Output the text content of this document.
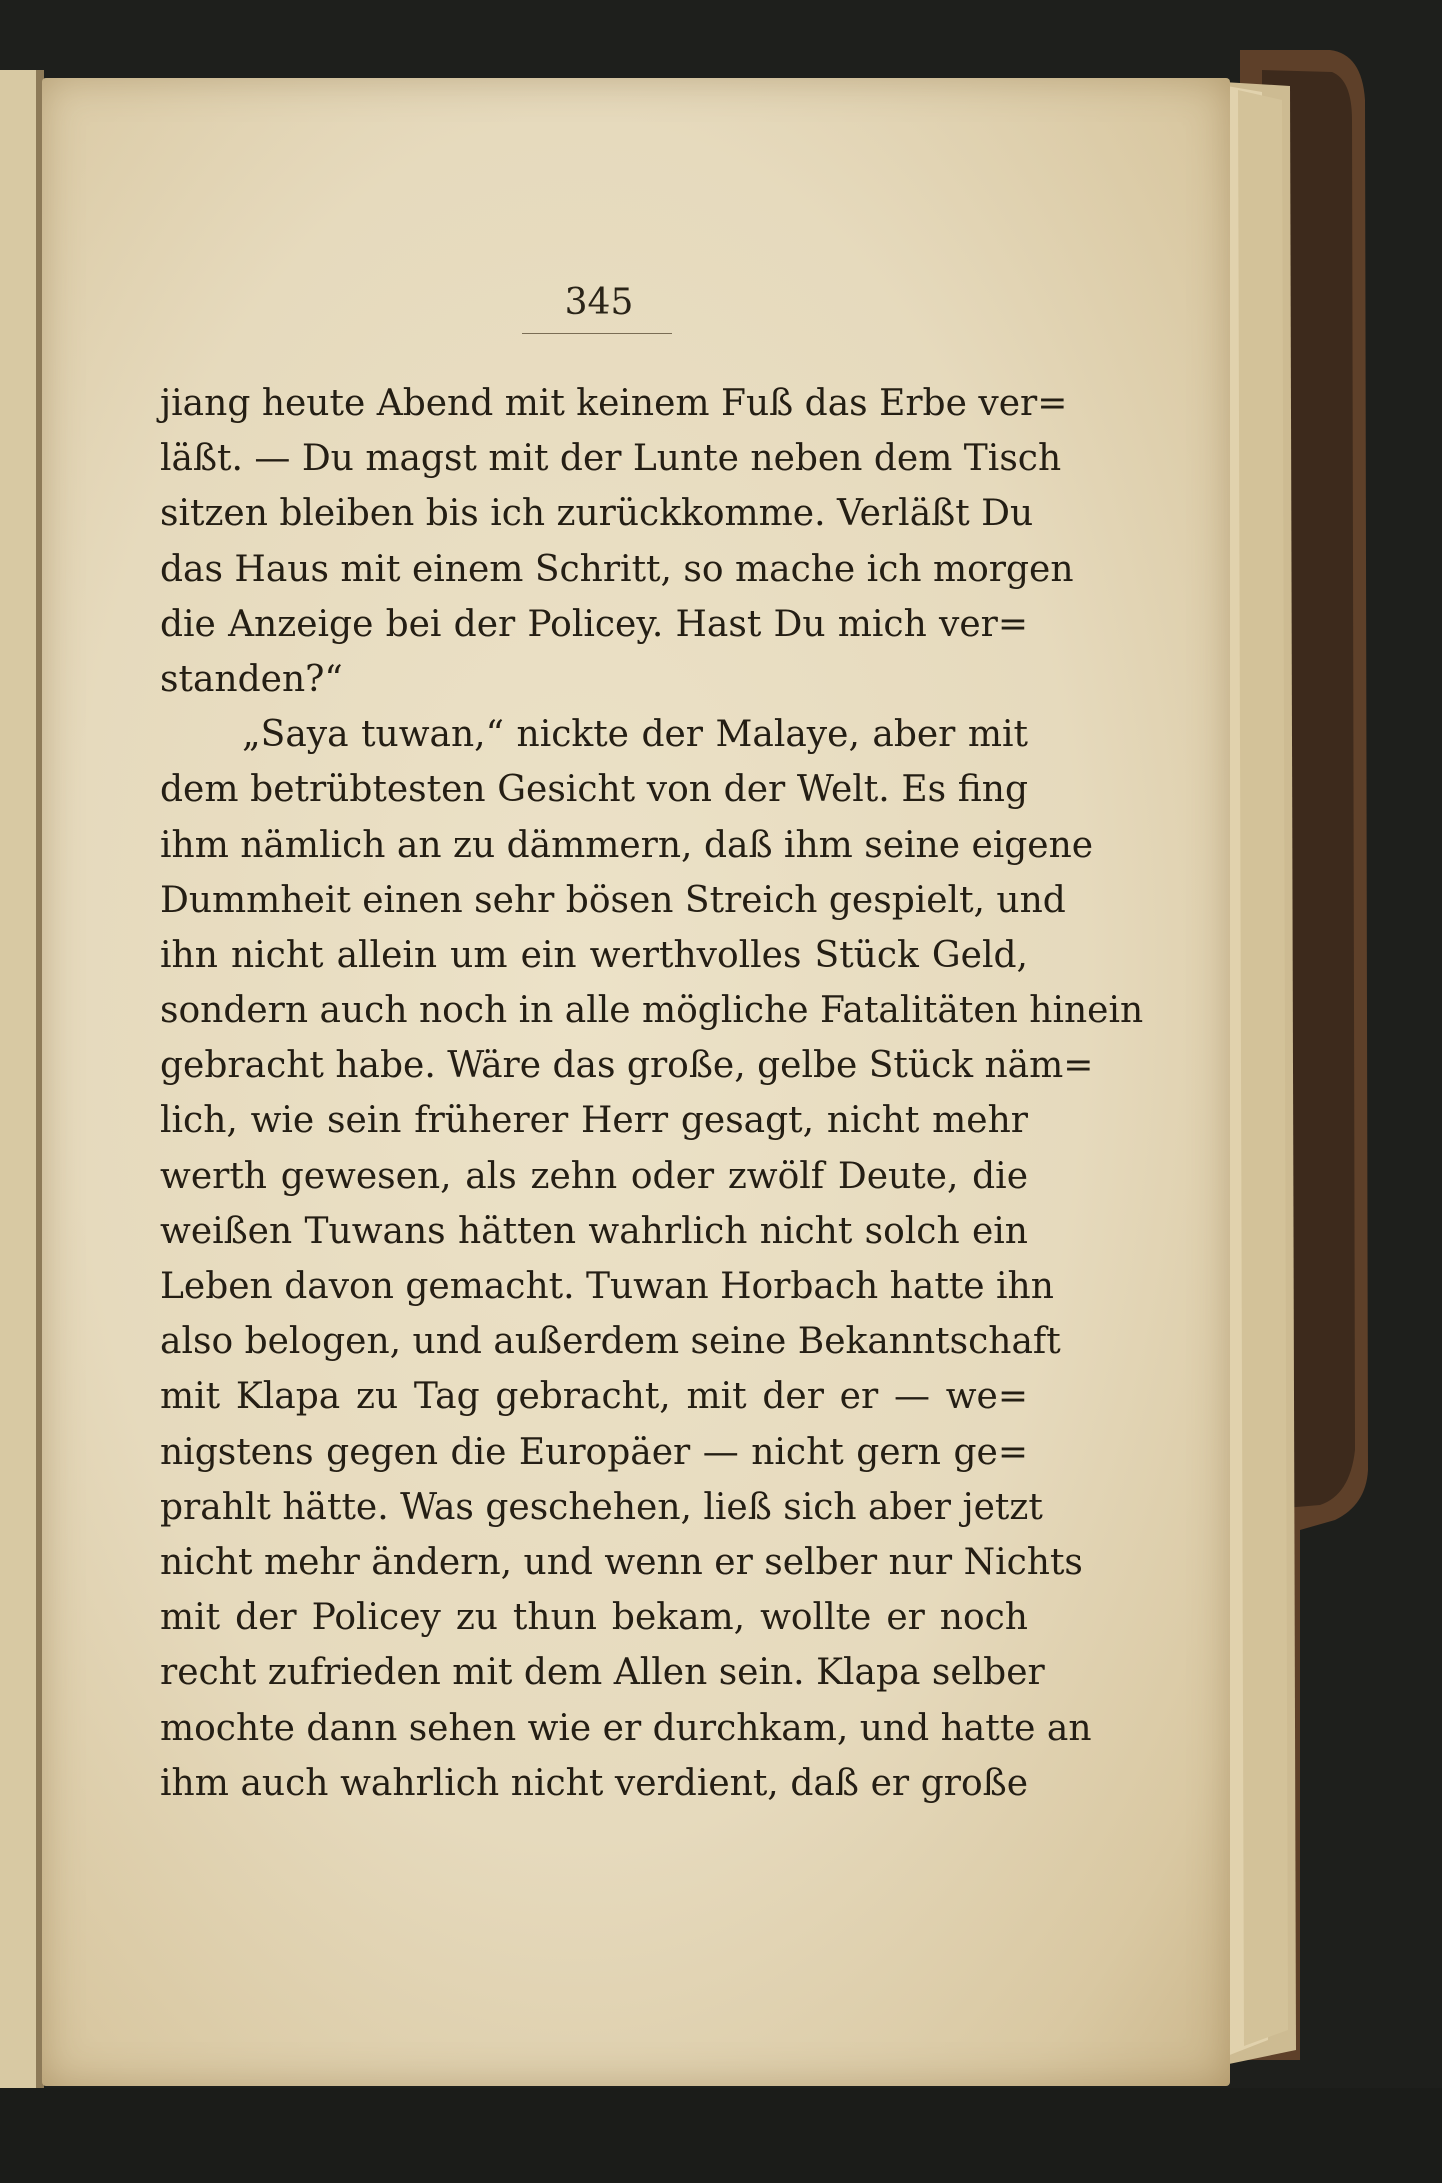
345
jiang heute Abend mit keinem Fuß das Erbe ver=
läßt. — Du magst mit der Lunte neben dem Tisch
sitzen bleiben bis ich zurückkomme. Verläßt Du
das Haus mit einem Schritt, so mache ich morgen
die Anzeige bei der Policey. Hast Du mich ver=
standen?“
„Saya tuwan,“ nickte der Malaye, aber mit
dem betrübtesten Gesicht von der Welt. Es fing
ihm nämlich an zu dämmern, daß ihm seine eigene
Dummheit einen sehr bösen Streich gespielt, und
ihn nicht allein um ein werthvolles Stück Geld,
sondern auch noch in alle mögliche Fatalitäten hinein
gebracht habe. Wäre das große, gelbe Stück näm=
lich, wie sein früherer Herr gesagt, nicht mehr
werth gewesen, als zehn oder zwölf Deute, die
weißen Tuwans hätten wahrlich nicht solch ein
Leben davon gemacht. Tuwan Horbach hatte ihn
also belogen, und außerdem seine Bekanntschaft
mit Klapa zu Tag gebracht, mit der er — we=
nigstens gegen die Europäer — nicht gern ge=
prahlt hätte. Was geschehen, ließ sich aber jetzt
nicht mehr ändern, und wenn er selber nur Nichts
mit der Policey zu thun bekam, wollte er noch
recht zufrieden mit dem Allen sein. Klapa selber
mochte dann sehen wie er durchkam, und hatte an
ihm auch wahrlich nicht verdient, daß er große
